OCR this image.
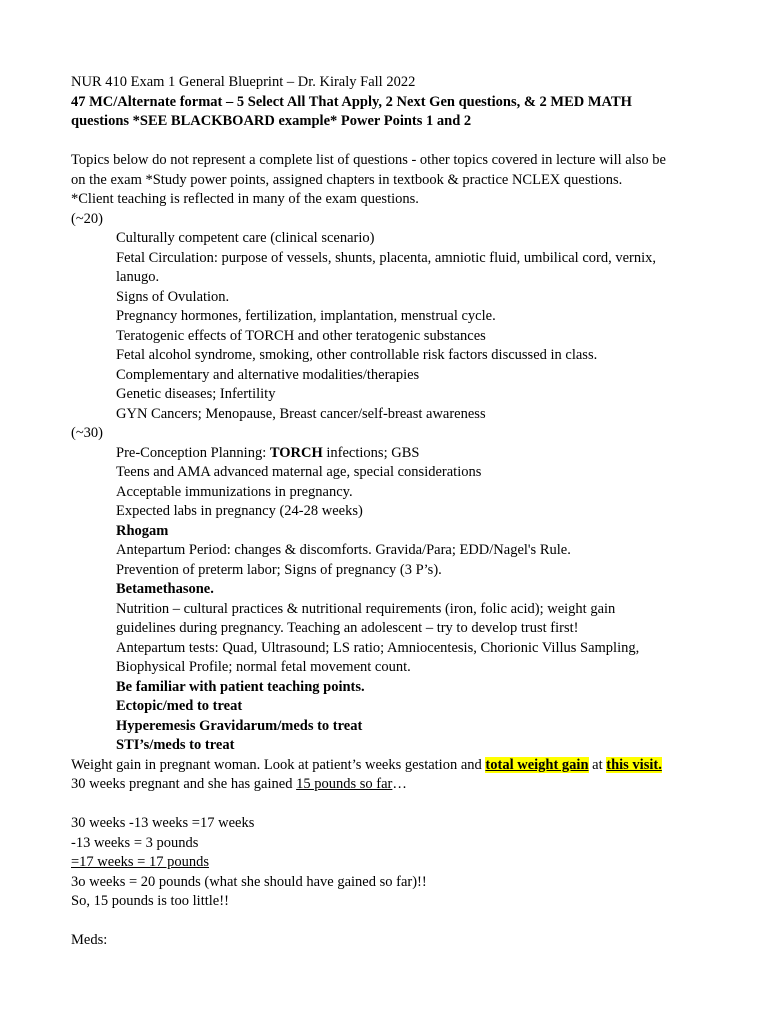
NUR 410 Exam 1 General Blueprint – Dr. Kiraly Fall 2022
47 MC/Alternate format – 5 Select All That Apply, 2 Next Gen questions, & 2 MED MATH
questions *SEE BLACKBOARD example* Power Points 1 and 2
Topics below do not represent a complete list of questions - other topics covered in lecture will also be
on the exam *Study power points, assigned chapters in textbook & practice NCLEX questions.
*Client teaching is reflected in many of the exam questions.
(~20)
Culturally competent care (clinical scenario)
Fetal Circulation: purpose of vessels, shunts, placenta, amniotic fluid, umbilical cord, vernix,
lanugo.
Signs of Ovulation.
Pregnancy hormones, fertilization, implantation, menstrual cycle.
Teratogenic effects of TORCH and other teratogenic substances
Fetal alcohol syndrome, smoking, other controllable risk factors discussed in class.
Complementary and alternative modalities/therapies
Genetic diseases; Infertility
GYN Cancers; Menopause, Breast cancer/self-breast awareness
(~30)
Pre-Conception Planning: TORCH infections; GBS
Teens and AMA advanced maternal age, special considerations
Acceptable immunizations in pregnancy.
Expected labs in pregnancy (24-28 weeks)
Rhogam
Antepartum Period: changes & discomforts. Gravida/Para; EDD/Nagel's Rule.
Prevention of preterm labor; Signs of pregnancy (3 P’s).
Betamethasone.
Nutrition – cultural practices & nutritional requirements (iron, folic acid); weight gain
guidelines during pregnancy. Teaching an adolescent – try to develop trust first!
Antepartum tests: Quad, Ultrasound; LS ratio; Amniocentesis, Chorionic Villus Sampling,
Biophysical Profile; normal fetal movement count.
Be familiar with patient teaching points.
Ectopic/med to treat
Hyperemesis Gravidarum/meds to treat
STI’s/meds to treat
Weight gain in pregnant woman. Look at patient’s weeks gestation and total weight gain at this visit.
30 weeks pregnant and she has gained 15 pounds so far…
30 weeks -13 weeks =17 weeks
-13 weeks = 3 pounds
=17 weeks = 17 pounds
3o weeks = 20 pounds (what she should have gained so far)!!
So, 15 pounds is too little!!
Meds:
